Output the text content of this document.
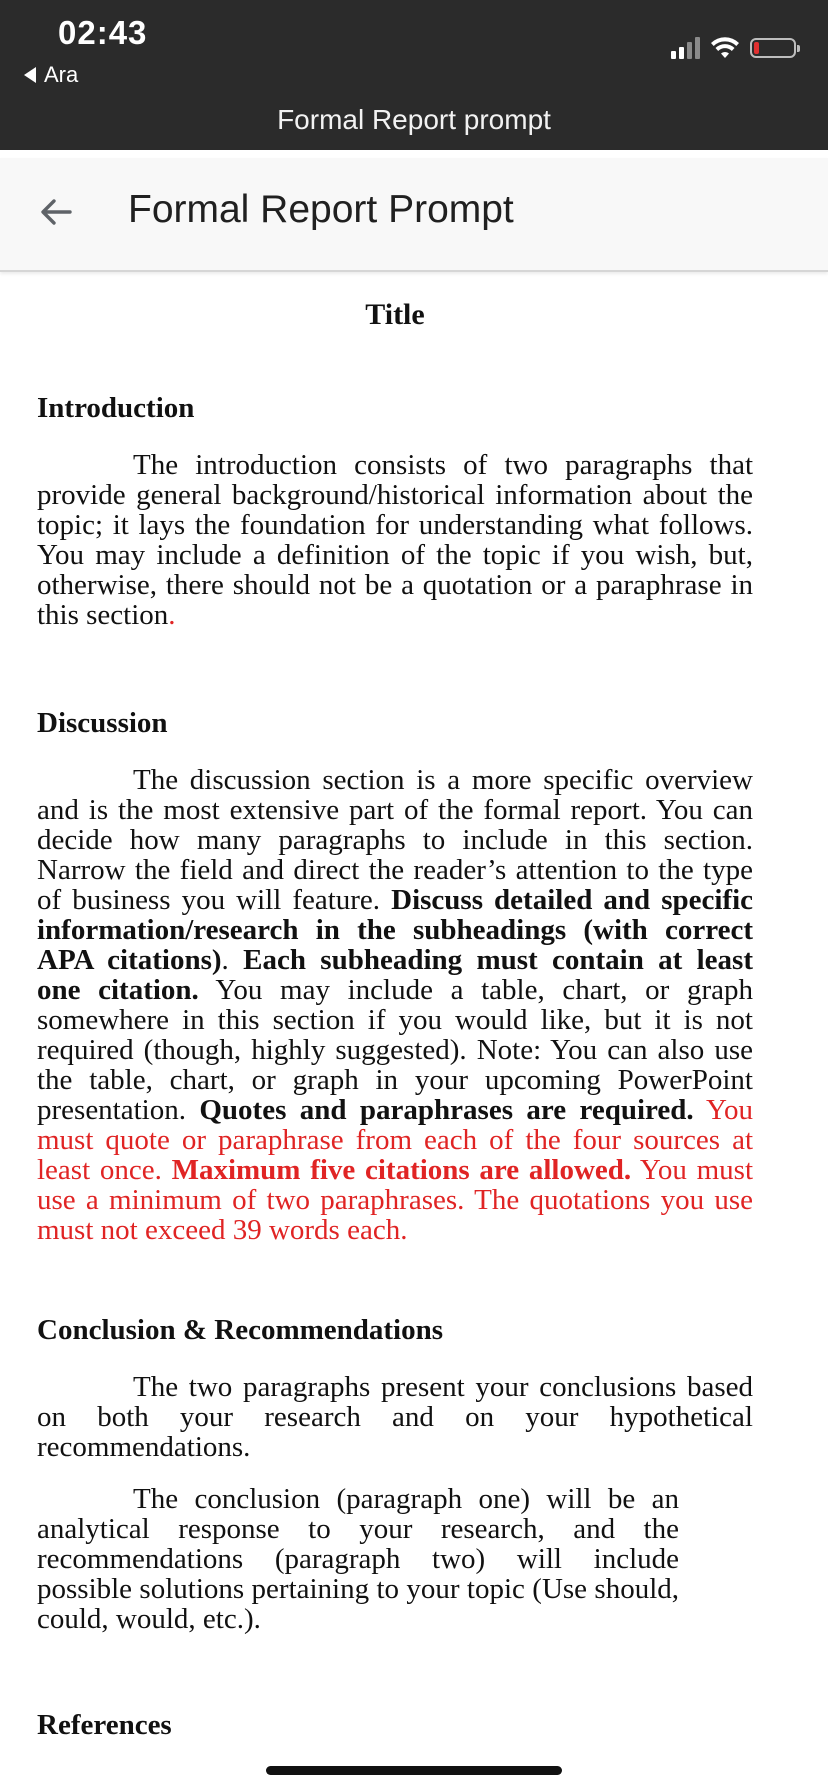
02:43
Ara
Formal Report prompt
Formal Report Prompt
Title
Introduction

The introduction consists of two paragraphs that provide general background/historical information about the topic; it lays the foundation for understanding what follows. You may include a definition of the topic if you wish, but, otherwise, there should not be a quotation or a paraphrase in this section.

Discussion

The discussion section is a more specific overview and is the most extensive part of the formal report. You can decide how many paragraphs to include in this section. Narrow the field and direct the reader’s attention to the type of business you will feature. Discuss detailed and specific information/research in the subheadings (with correct APA citations). Each subheading must contain at least one citation. You may include a table, chart, or graph somewhere in this section if you would like, but it is not required (though, highly suggested). Note: You can also use the table, chart, or graph in your upcoming PowerPoint presentation. Quotes and paraphrases are required. You must quote or paraphrase from each of the four sources at least once. Maximum five citations are allowed. You must use a minimum of two paraphrases. The quotations you use must not exceed 39 words each.

Conclusion & Recommendations

The two paragraphs present your conclusions based on both your research and on your hypothetical recommendations.

The conclusion (paragraph one) will be an analytical response to your research, and the recommendations (paragraph two) will include possible solutions pertaining to your topic (Use should, could, would, etc.).

References
